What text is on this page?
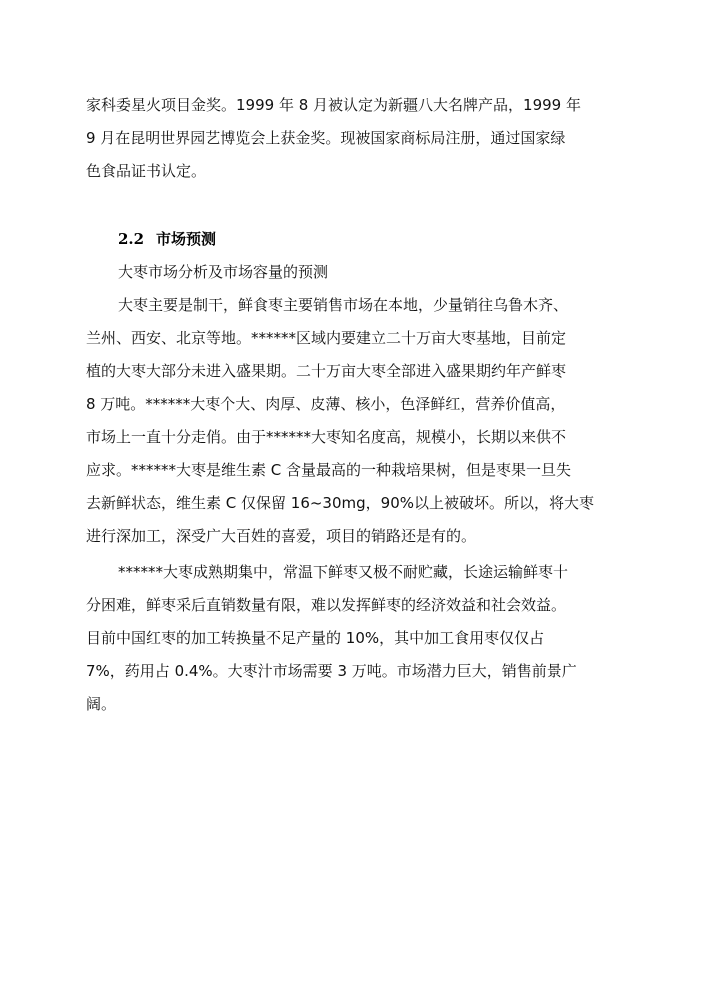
家科委星火项目金奖。1999 年 8 月被认定为新疆八大名牌产品，1999 年
9 月在昆明世界园艺博览会上获金奖。现被国家商标局注册，通过国家绿
色食品证书认定。
2.2 市场预测
大枣市场分析及市场容量的预测
大枣主要是制干，鲜食枣主要销售市场在本地，少量销往乌鲁木齐、
兰州、西安、北京等地。******区域内要建立二十万亩大枣基地，目前定
植的大枣大部分未进入盛果期。二十万亩大枣全部进入盛果期约年产鲜枣
8 万吨。******大枣个大、肉厚、皮薄、核小，色泽鲜红，营养价值高，
市场上一直十分走俏。由于******大枣知名度高，规模小，长期以来供不
应求。******大枣是维生素 C 含量最高的一种栽培果树，但是枣果一旦失
去新鲜状态，维生素 C 仅保留 16~30mg，90%以上被破坏。所以，将大枣
进行深加工，深受广大百姓的喜爱，项目的销路还是有的。
******大枣成熟期集中，常温下鲜枣又极不耐贮藏，长途运输鲜枣十
分困难，鲜枣采后直销数量有限，难以发挥鲜枣的经济效益和社会效益。
目前中国红枣的加工转换量不足产量的 10%，其中加工食用枣仅仅占
7%，药用占 0.4%。大枣汁市场需要 3 万吨。市场潜力巨大，销售前景广
阔。
